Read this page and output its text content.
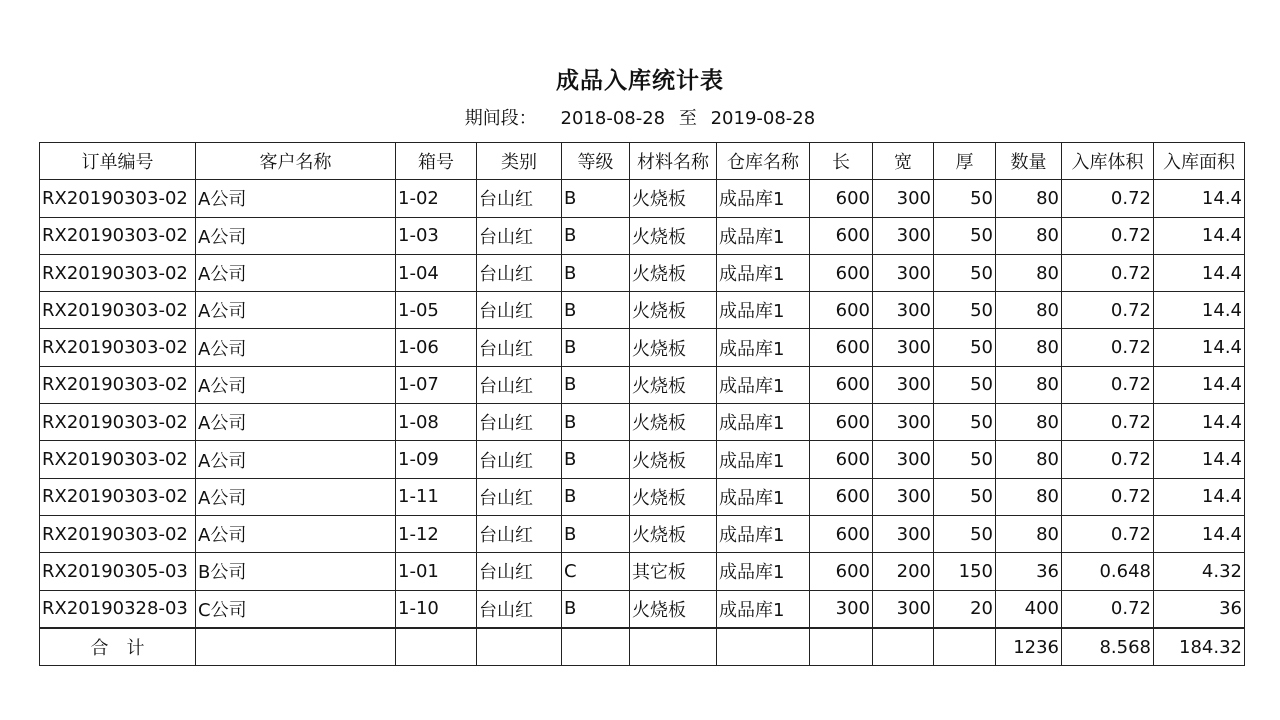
成品入库统计表
期间段： 2018-08-28 至 2019-08-28
订单编号	客户名称	箱号	类别	等级	材料名称	仓库名称	长	宽	厚	数量	入库体积	入库面积
RX20190303-02	A公司	1-02	台山红	B	火烧板	成品库1	600	300	50	80	0.72	14.4
RX20190303-02	A公司	1-03	台山红	B	火烧板	成品库1	600	300	50	80	0.72	14.4
RX20190303-02	A公司	1-04	台山红	B	火烧板	成品库1	600	300	50	80	0.72	14.4
RX20190303-02	A公司	1-05	台山红	B	火烧板	成品库1	600	300	50	80	0.72	14.4
RX20190303-02	A公司	1-06	台山红	B	火烧板	成品库1	600	300	50	80	0.72	14.4
RX20190303-02	A公司	1-07	台山红	B	火烧板	成品库1	600	300	50	80	0.72	14.4
RX20190303-02	A公司	1-08	台山红	B	火烧板	成品库1	600	300	50	80	0.72	14.4
RX20190303-02	A公司	1-09	台山红	B	火烧板	成品库1	600	300	50	80	0.72	14.4
RX20190303-02	A公司	1-11	台山红	B	火烧板	成品库1	600	300	50	80	0.72	14.4
RX20190303-02	A公司	1-12	台山红	B	火烧板	成品库1	600	300	50	80	0.72	14.4
RX20190305-03	B公司	1-01	台山红	C	其它板	成品库1	600	200	150	36	0.648	4.32
RX20190328-03	C公司	1-10	台山红	B	火烧板	成品库1	300	300	20	400	0.72	36
合　计										1236	8.568	184.32
